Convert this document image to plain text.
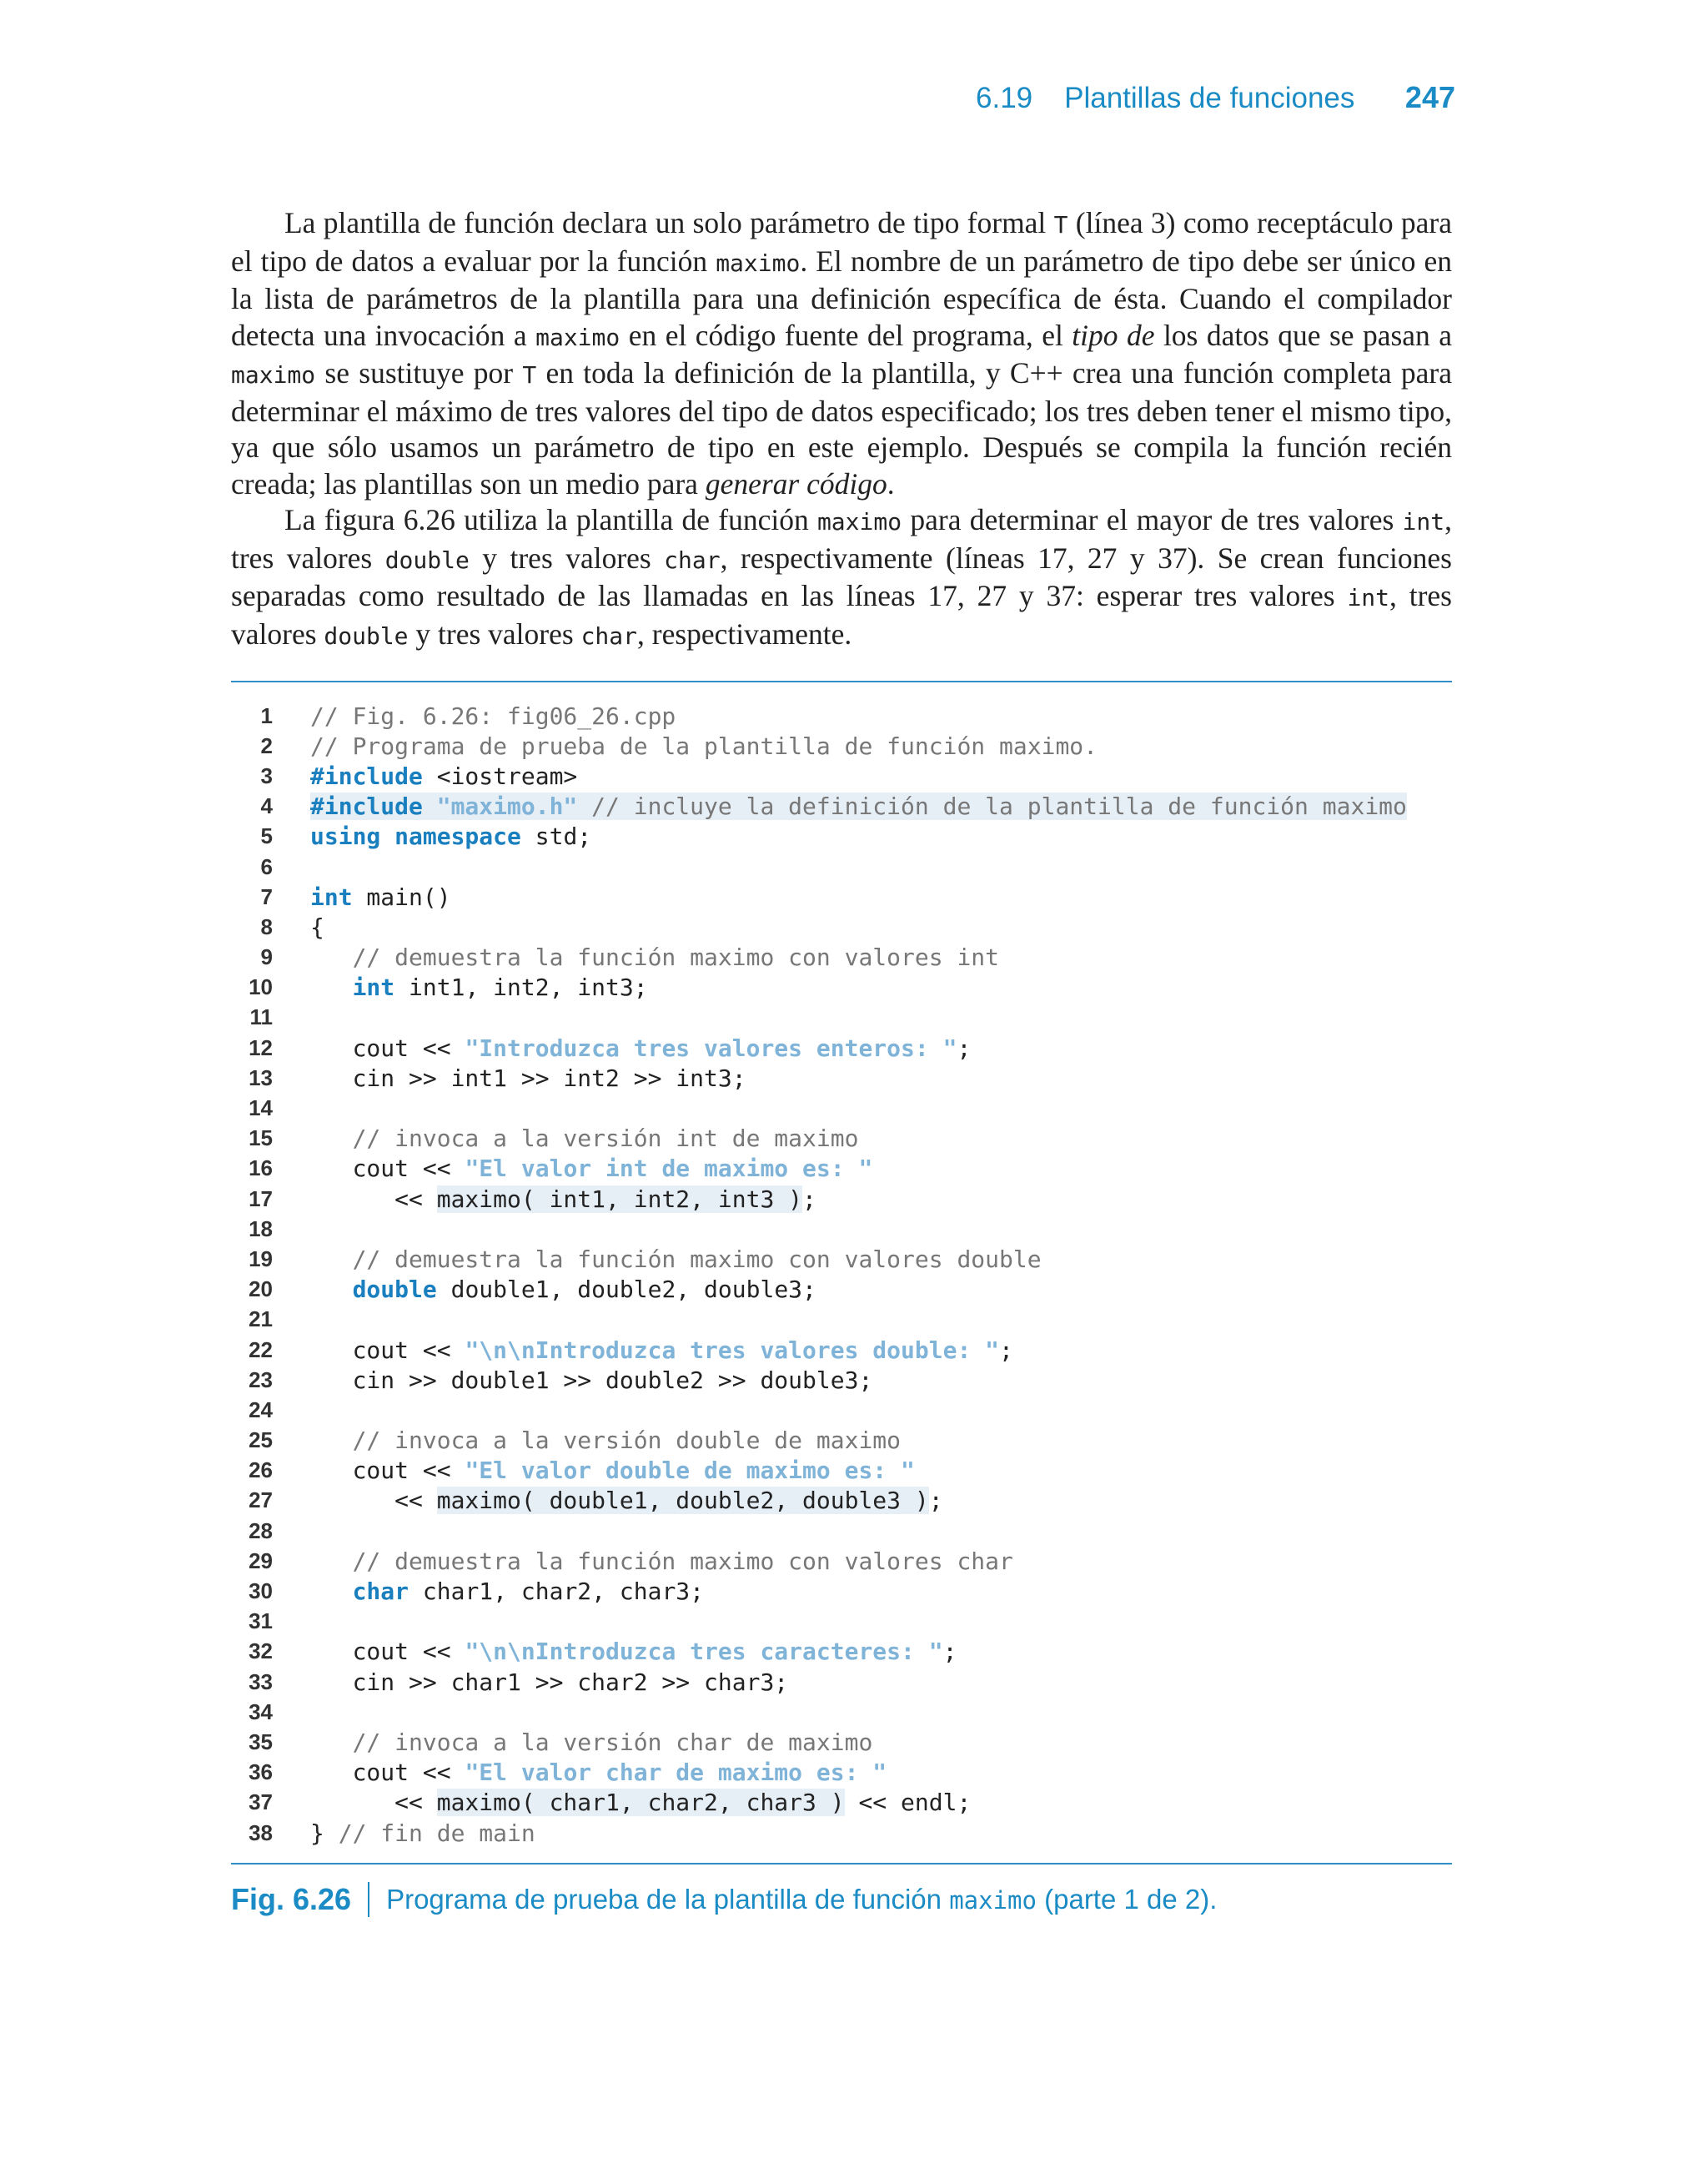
6.19 Plantillas de funciones	247

La plantilla de función declara un solo parámetro de tipo formal T (línea 3) como receptáculo para el tipo de datos a evaluar por la función maximo. El nombre de un parámetro de tipo debe ser único en la lista de parámetros de la plantilla para una definición específica de ésta. Cuando el compilador detecta una invocación a maximo en el código fuente del programa, el tipo de los datos que se pasan a maximo se sustituye por T en toda la definición de la plantilla, y C++ crea una función completa para determinar el máximo de tres valores del tipo de datos especificado; los tres deben tener el mismo tipo, ya que sólo usamos un parámetro de tipo en este ejemplo. Después se compila la función recién creada; las plantillas son un medio para generar código.

La figura 6.26 utiliza la plantilla de función maximo para determinar el mayor de tres valores int, tres valores double y tres valores char, respectivamente (líneas 17, 27 y 37). Se crean funciones separadas como resultado de las llamadas en las líneas 17, 27 y 37: esperar tres valores int, tres valores double y tres valores char, respectivamente.

1 // Fig. 6.26: fig06_26.cpp
2 // Programa de prueba de la plantilla de función maximo.
3 #include <iostream>
4 #include "maximo.h" // incluye la definición de la plantilla de función maximo
5 using namespace std;
6
7 int main()
8 {
9 // demuestra la función maximo con valores int
10	int int1, int2, int3;
11
12 cout << "Introduzca tres valores enteros: ";
13 cin >> int1 >> int2 >> int3;
14
15 // invoca a la versión int de maximo
16 cout << "El valor int de maximo es: "
17 << maximo( int1, int2, int3 );
18
19 // demuestra la función maximo con valores double
20	double double1, double2, double3;
21
22 cout << "\n\nIntroduzca tres valores double: ";
23 cin >> double1 >> double2 >> double3;
24
25 // invoca a la versión double de maximo
26 cout << "El valor double de maximo es: "
27 << maximo( double1, double2, double3 );
28
29 // demuestra la función maximo con valores char
30	char char1, char2, char3;
31
32 cout << "\n\nIntroduzca tres caracteres: ";
33 cin >> char1 >> char2 >> char3;
34
35 // invoca a la versión char de maximo
36 cout << "El valor char de maximo es: "
37 << maximo( char1, char2, char3 ) << endl;
38 } // fin de main
Fig. 6.26 Programa de prueba de la plantilla de función maximo (parte 1 de 2).
